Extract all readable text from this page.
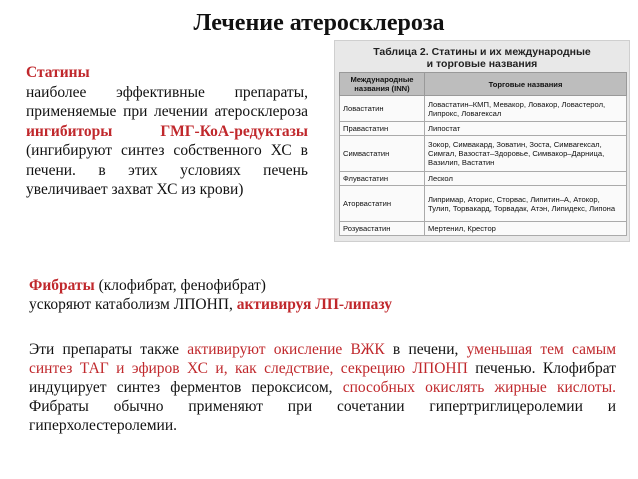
Лечение атеросклероза
Статины
наиболее эффективные препараты, применяемые при лечении атеросклероза ингибиторы ГМГ-КоА-редуктазы (ингибируют синтез собственного ХС в печени. в этих условиях печень увеличивает захват ХС из крови)
Таблица 2. Статины и их международные
и торговые названия
Международные названия (INN)	Торговые названия
Ловастатин	Ловастатин–КМП, Мевакор, Ловакор, Ловастерол, Липрокс, Ловагексал
Правастатин	Липостат
Симвастатин	Зокор, Симвакард, Зоватин, Зоста, Симвагексал, Симгал, Вазостат–Здоровье, Симвакор–Дарница, Вазилип, Вастатин
Флувастатин	Лескол
Аторвастатин	Липримар, Аторис, Сторвас, Липитин–А, Атокор, Тулип, Торвакард, Торвадак, Атэн, Липидекс, Липона
Розувастатин	Мертенил, Крестор
Фибраты (клофибрат, фенофибрат)
ускоряют катаболизм ЛПОНП, активируя ЛП-липазу
Эти препараты также активируют окисление ВЖК в печени, уменьшая тем самым синтез ТАГ и эфиров ХС и, как следствие, секрецию ЛПОНП печенью. Клофибрат индуцирует синтез ферментов пероксисом, способных окислять жирные кислоты. Фибраты обычно применяют при сочетании гипертриглицеролемии и гиперхолестеролемии.
